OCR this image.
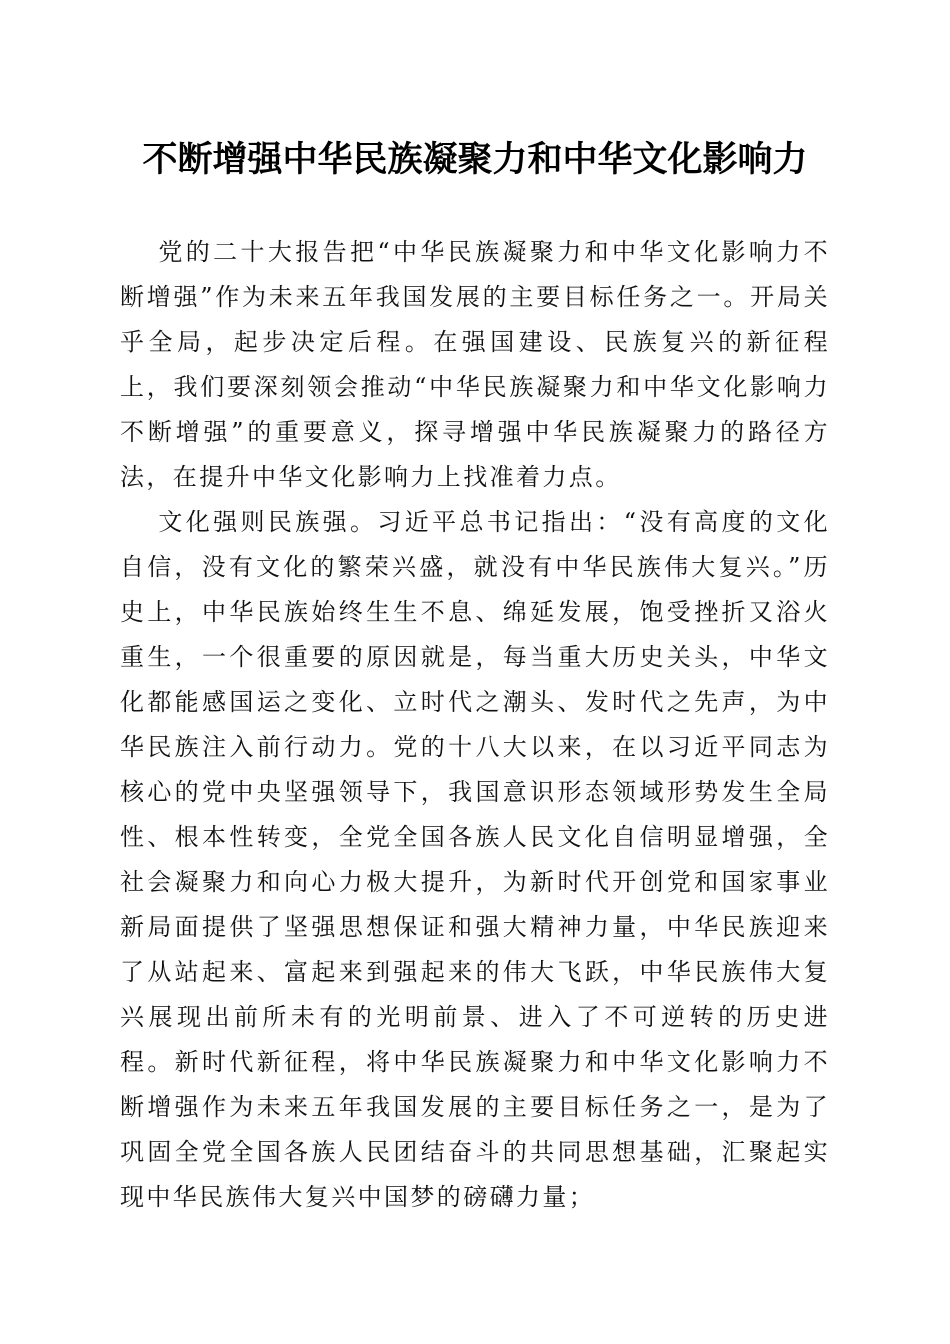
不断增强中华民族凝聚力和中华文化影响力

党的二十大报告把“中华民族凝聚力和中华文化影响力不断增强”作为未来五年我国发展的主要目标任务之一。开局关乎全局，起步决定后程。在强国建设、民族复兴的新征程上，我们要深刻领会推动“中华民族凝聚力和中华文化影响力不断增强”的重要意义，探寻增强中华民族凝聚力的路径方法，在提升中华文化影响力上找准着力点。

文化强则民族强。习近平总书记指出：“没有高度的文化自信，没有文化的繁荣兴盛，就没有中华民族伟大复兴。”历史上，中华民族始终生生不息、绵延发展，饱受挫折又浴火重生，一个很重要的原因就是，每当重大历史关头，中华文化都能感国运之变化、立时代之潮头、发时代之先声，为中华民族注入前行动力。党的十八大以来，在以习近平同志为核心的党中央坚强领导下，我国意识形态领域形势发生全局性、根本性转变，全党全国各族人民文化自信明显增强，全社会凝聚力和向心力极大提升，为新时代开创党和国家事业新局面提供了坚强思想保证和强大精神力量，中华民族迎来了从站起来、富起来到强起来的伟大飞跃，中华民族伟大复兴展现出前所未有的光明前景、进入了不可逆转的历史进程。新时代新征程，将中华民族凝聚力和中华文化影响力不断增强作为未来五年我国发展的主要目标任务之一，是为了巩固全党全国各族人民团结奋斗的共同思想基础，汇聚起实现中华民族伟大复兴中国梦的磅礴力量；
